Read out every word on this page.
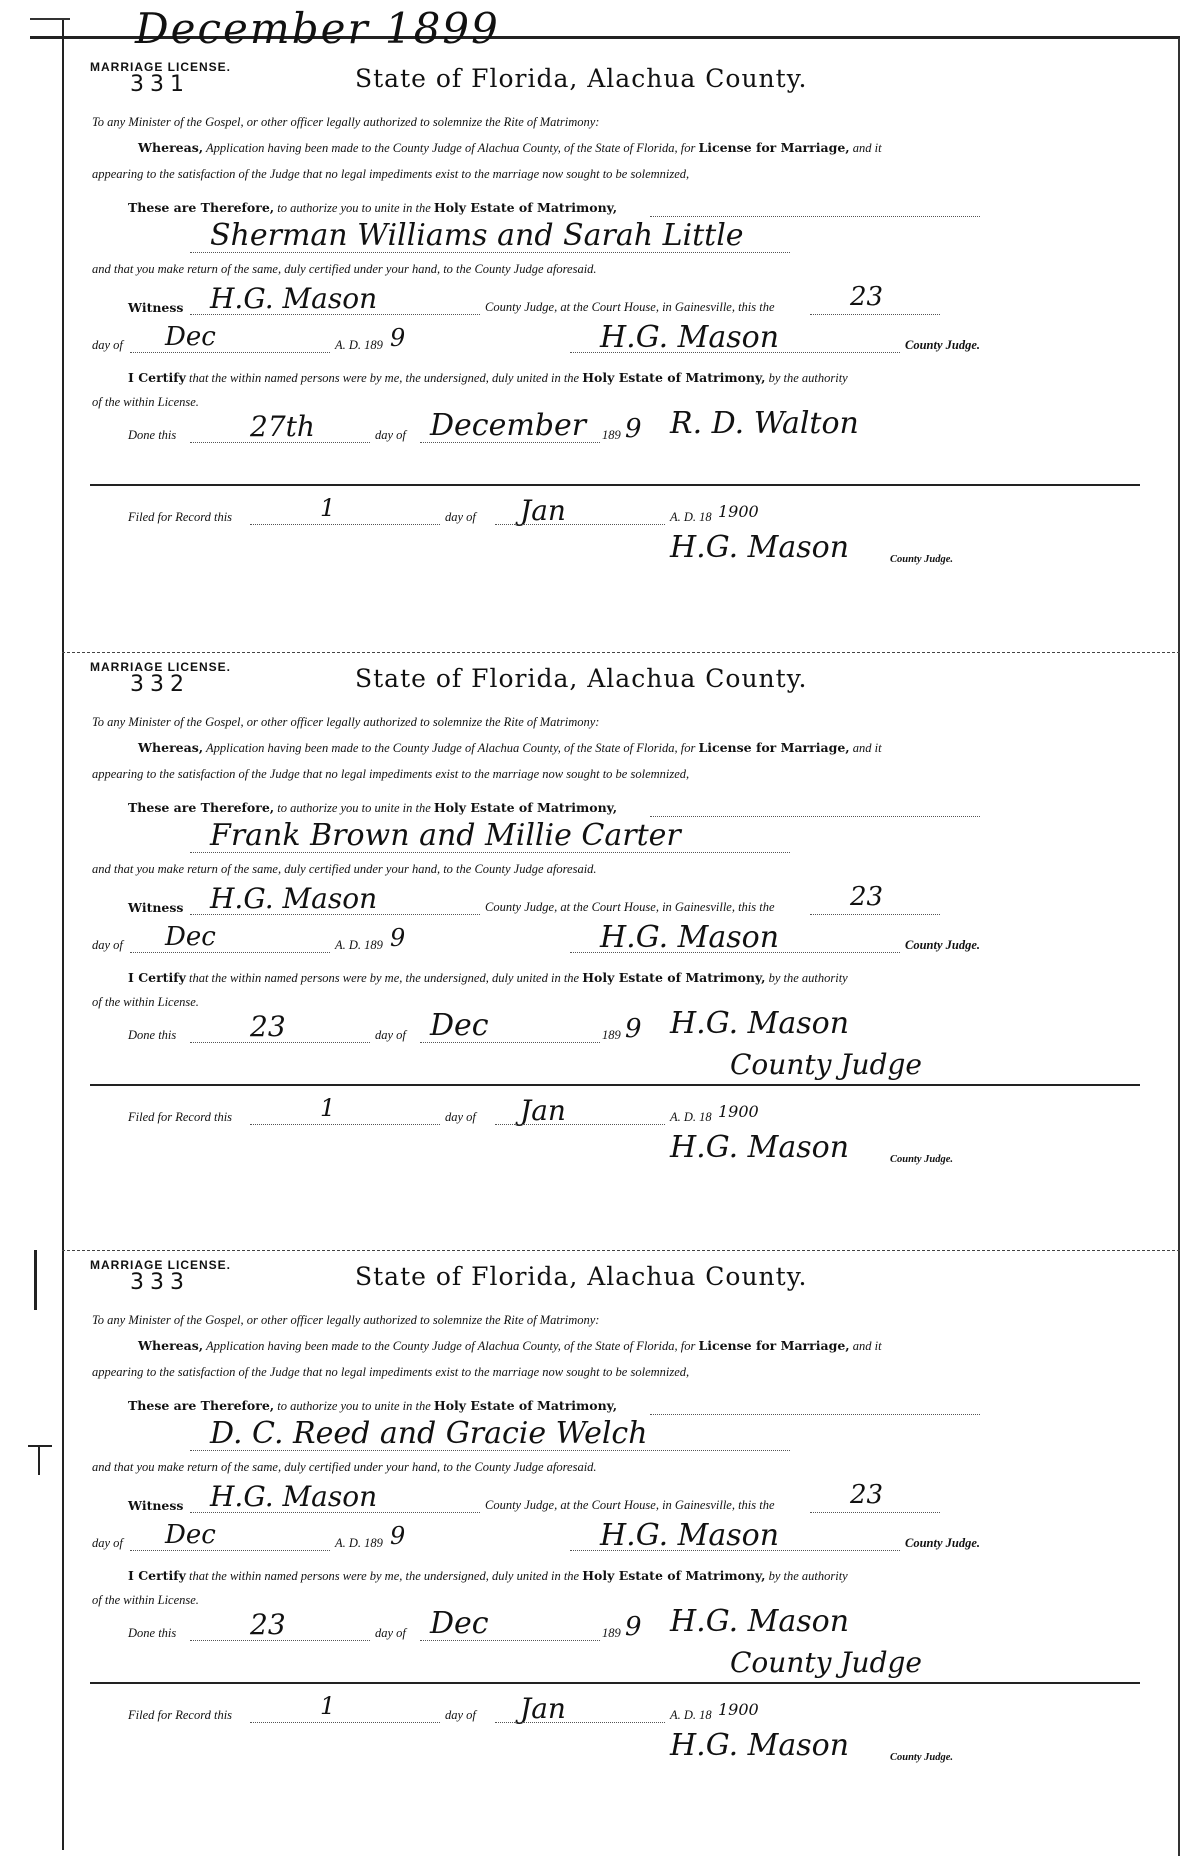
December 1899
MARRIAGE LICENSE.
331	State of Florida, Alachua County.
To any Minister of the Gospel, or other officer legally authorized to solemnize the Rite of Matrimony:
Whereas, Application having been made to the County Judge of Alachua County, of the State of Florida, for License for Marriage, and it
appearing to the satisfaction of the Judge that no legal impediments exist to the marriage now sought to be solemnized,
These are Therefore, to authorize you to unite in the Holy Estate of Matrimony,
Sherman Williams and Sarah Little
and that you make return of the same, duly certified under your hand, to the County Judge aforesaid.
Witness H.G. Mason	County Judge, at the Court House, in Gainesville, this the	23
day of Dec	A. D. 189 9	H.G. Mason	County Judge.
I Certify that the within named persons were by me, the undersigned, duly united in the Holy Estate of Matrimony, by the authority
of the within License.
Done this	27th	day of December 189 9 R. D. Walton
Filed for Record this	1	day of Jan	A. D. 18 1900
H.G. Mason	County Judge.
MARRIAGE LICENSE.
332	State of Florida, Alachua County.
To any Minister of the Gospel, or other officer legally authorized to solemnize the Rite of Matrimony:
Whereas, Application having been made to the County Judge of Alachua County, of the State of Florida, for License for Marriage, and it
appearing to the satisfaction of the Judge that no legal impediments exist to the marriage now sought to be solemnized,
These are Therefore, to authorize you to unite in the Holy Estate of Matrimony,
Frank Brown and Millie Carter
and that you make return of the same, duly certified under your hand, to the County Judge aforesaid.
Witness H.G. Mason	County Judge, at the Court House, in Gainesville, this the	23
day of Dec	A. D. 189 9	H.G. Mason	County Judge.
I Certify that the within named persons were by me, the undersigned, duly united in the Holy Estate of Matrimony, by the authority
of the within License.
Done this	23	day of Dec	189 9 H.G. Mason
County Judge
Filed for Record this	1	day of Jan	A. D. 18 1900
H.G. Mason	County Judge.
MARRIAGE LICENSE.
333	State of Florida, Alachua County.
To any Minister of the Gospel, or other officer legally authorized to solemnize the Rite of Matrimony:
Whereas, Application having been made to the County Judge of Alachua County, of the State of Florida, for License for Marriage, and it
appearing to the satisfaction of the Judge that no legal impediments exist to the marriage now sought to be solemnized,
These are Therefore, to authorize you to unite in the Holy Estate of Matrimony,
D. C. Reed and Gracie Welch
and that you make return of the same, duly certified under your hand, to the County Judge aforesaid.
Witness H.G. Mason	County Judge, at the Court House, in Gainesville, this the	23
day of Dec	A. D. 189 9	H.G. Mason	County Judge.
I Certify that the within named persons were by me, the undersigned, duly united in the Holy Estate of Matrimony, by the authority
of the within License.
Done this	23	day of Dec	189 9 H.G. Mason
County Judge
Filed for Record this	1	day of Jan	A. D. 18 1900
H.G. Mason	County Judge.
